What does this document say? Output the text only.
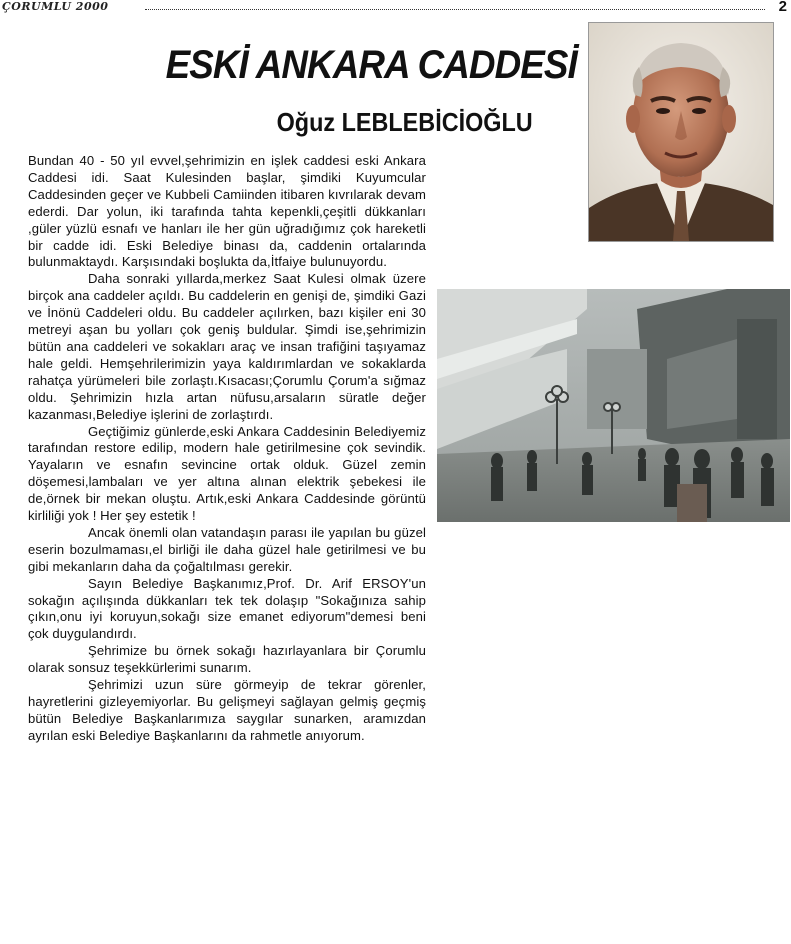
ÇORUMLU 2000	2
ESKİ ANKARA CADDESİ
Oğuz LEBLEBİCİOĞLU

Bundan 40 - 50 yıl evvel,şehrimizin en işlek caddesi eski Ankara Caddesi idi. Saat Kulesinden başlar, şimdiki Kuyumcular Caddesinden geçer ve Kubbeli Camiinden itibaren kıvrılarak devam ederdi. Dar yolun, iki tarafında tahta kepenkli,çeşitli dükkanları ,güler yüzlü esnafı ve hanları ile her gün uğradığımız çok hareketli bir cadde idi. Eski Belediye binası da, caddenin ortalarında bulunmaktaydı. Karşısındaki boşlukta da,İtfaiye bulunuyordu.

Daha sonraki yıllarda,merkez Saat Kulesi olmak üzere birçok ana caddeler açıldı. Bu caddelerin en genişi de, şimdiki Gazi ve İnönü Caddeleri oldu. Bu caddeler açılırken, bazı kişiler eni 30 metreyi aşan bu yolları çok geniş buldular. Şimdi ise,şehrimizin bütün ana caddeleri ve sokakları araç ve insan trafiğini taşıyamaz hale geldi. Hemşehrilerimizin yaya kaldırımlardan ve sokaklarda rahatça yürümeleri bile zorlaştı.Kısacası;Çorumlu Çorum'a sığmaz oldu. Şehrimizin hızla artan nüfusu,arsaların süratle değer kazanması,Belediye işlerini de zorlaştırdı.

Geçtiğimiz günlerde,eski Ankara Caddesinin Belediyemiz tarafından restore edilip, modern hale getirilmesine çok sevindik. Yayaların ve esnafın sevincine ortak olduk. Güzel zemin döşemesi,lambaları ve yer altına alınan elektrik şebekesi ile de,örnek bir mekan oluştu. Artık,eski Ankara Caddesinde görüntü kirliliği yok ! Her şey estetik !

Ancak önemli olan vatandaşın parası ile yapılan bu güzel eserin bozulmaması,el birliği ile daha güzel hale getirilmesi ve bu gibi mekanların daha da çoğaltılması gerekir.

Sayın Belediye Başkanımız,Prof. Dr. Arif ERSOY'un sokağın açılışında dükkanları tek tek dolaşıp "Sokağınıza sahip çıkın,onu iyi koruyun,sokağı size emanet ediyorum"demesi beni çok duygulandırdı.

Şehrimize bu örnek sokağı hazırlayanlara bir Çorumlu olarak sonsuz teşekkürlerimi sunarım.

Şehrimizi uzun süre görmeyip de tekrar görenler, hayretlerini gizleyemiyorlar. Bu gelişmeyi sağlayan gelmiş geçmiş bütün Belediye Başkanlarımıza saygılar sunarken, aramızdan ayrılan eski Belediye Başkanlarını da rahmetle anıyorum.
